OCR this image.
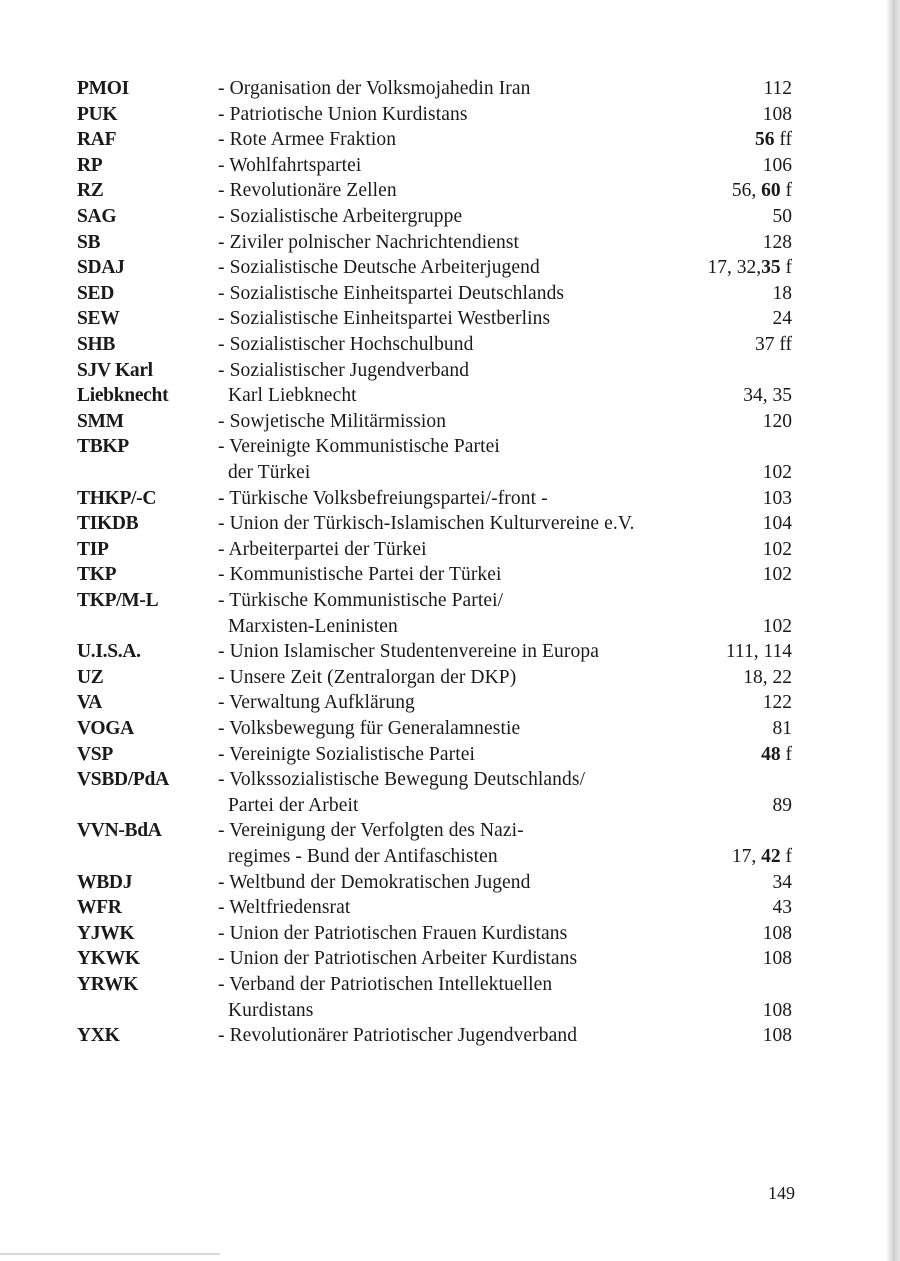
PMOI	- Organisation der Volksmojahedin Iran	112
PUK	- Patriotische Union Kurdistans	108
RAF	- Rote Armee Fraktion	56 ff
RP	- Wohlfahrtspartei	106
RZ	- Revolutionäre Zellen	56, 60 f
SAG	- Sozialistische Arbeitergruppe	50
SB	- Ziviler polnischer Nachrichtendienst	128
SDAJ	- Sozialistische Deutsche Arbeiterjugend	17, 32,35 f
SED	- Sozialistische Einheitspartei Deutschlands	18
SEW	- Sozialistische Einheitspartei Westberlins	24
SHB	- Sozialistischer Hochschulbund	37 ff
SJV Karl	- Sozialistischer Jugendverband
Liebknecht	Karl Liebknecht	34, 35
SMM	- Sowjetische Militärmission	120
TBKP	- Vereinigte Kommunistische Partei
der Türkei	102
THKP/-C	- Türkische Volksbefreiungspartei/-front -	103
TIKDB	- Union der Türkisch-Islamischen Kulturvereine e.V.	104
TIP	- Arbeiterpartei der Türkei	102
TKP	- Kommunistische Partei der Türkei	102
TKP/M-L	- Türkische Kommunistische Partei/
Marxisten-Leninisten	102
U.I.S.A.	- Union Islamischer Studentenvereine in Europa	111, 114
UZ	- Unsere Zeit (Zentralorgan der DKP)	18, 22
VA	- Verwaltung Aufklärung	122
VOGA	- Volksbewegung für Generalamnestie	81
VSP	- Vereinigte Sozialistische Partei	48 f
VSBD/PdA	- Volkssozialistische Bewegung Deutschlands/
Partei der Arbeit	89
VVN-BdA	- Vereinigung der Verfolgten des Nazi-
regimes - Bund der Antifaschisten	17, 42 f
WBDJ	- Weltbund der Demokratischen Jugend	34
WFR	- Weltfriedensrat	43
YJWK	- Union der Patriotischen Frauen Kurdistans	108
YKWK	- Union der Patriotischen Arbeiter Kurdistans	108
YRWK	- Verband der Patriotischen Intellektuellen
Kurdistans	108
YXK	- Revolutionärer Patriotischer Jugendverband	108
149
